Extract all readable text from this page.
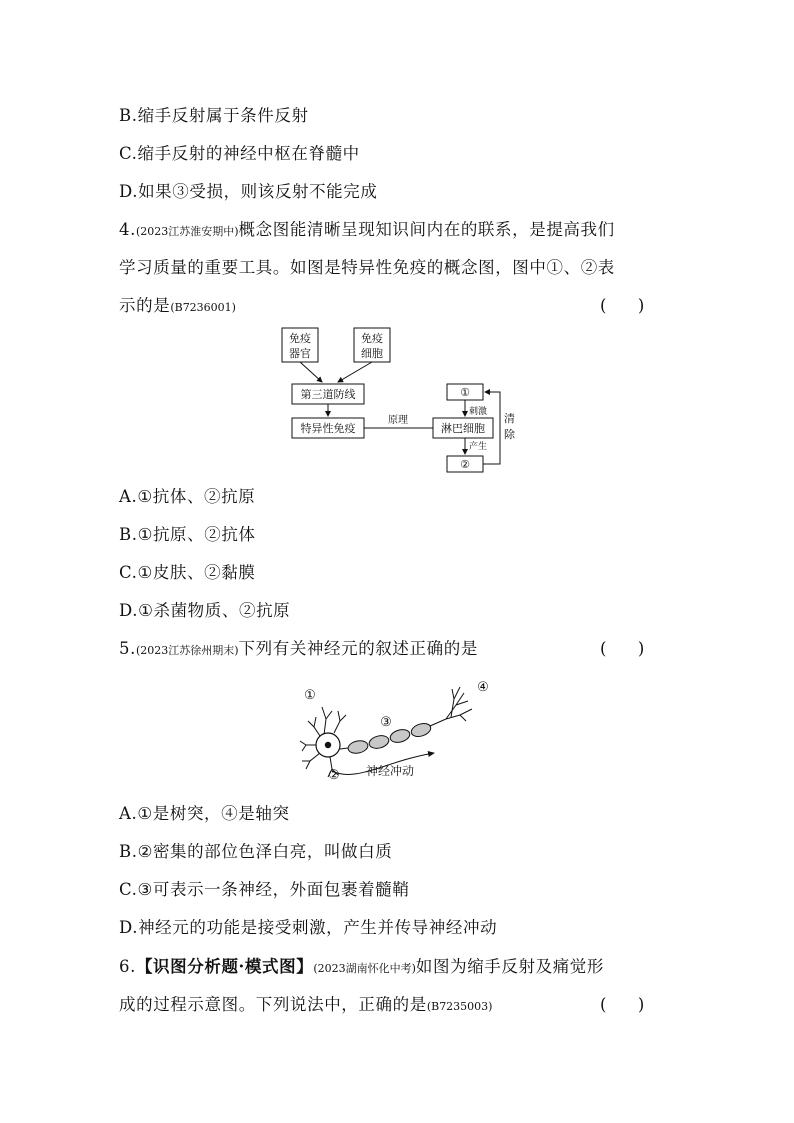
B.缩手反射属于条件反射
C.缩手反射的神经中枢在脊髓中
D.如果③受损，则该反射不能完成
4.(2023江苏淮安期中)概念图能清晰呈现知识间内在的联系，是提高我们
学习质量的重要工具。如图是特异性免疫的概念图，图中①、②表
示的是(B7236001)	(      )
免疫
器官
免疫
细胞
第三道防线
特异性免疫
原理
①
淋巴细胞
②
刺激
产生
清
除
A.①抗体、②抗原
B.①抗原、②抗体
C.①皮肤、②黏膜
D.①杀菌物质、②抗原
5.(2023江苏徐州期末)下列有关神经元的叙述正确的是	(      )
①
②
③
④
神经冲动
A.①是树突，④是轴突
B.②密集的部位色泽白亮，叫做白质
C.③可表示一条神经，外面包裹着髓鞘
D.神经元的功能是接受刺激，产生并传导神经冲动
6.【识图分析题·模式图】(2023湖南怀化中考)如图为缩手反射及痛觉形
成的过程示意图。下列说法中，正确的是(B7235003)	(      )
